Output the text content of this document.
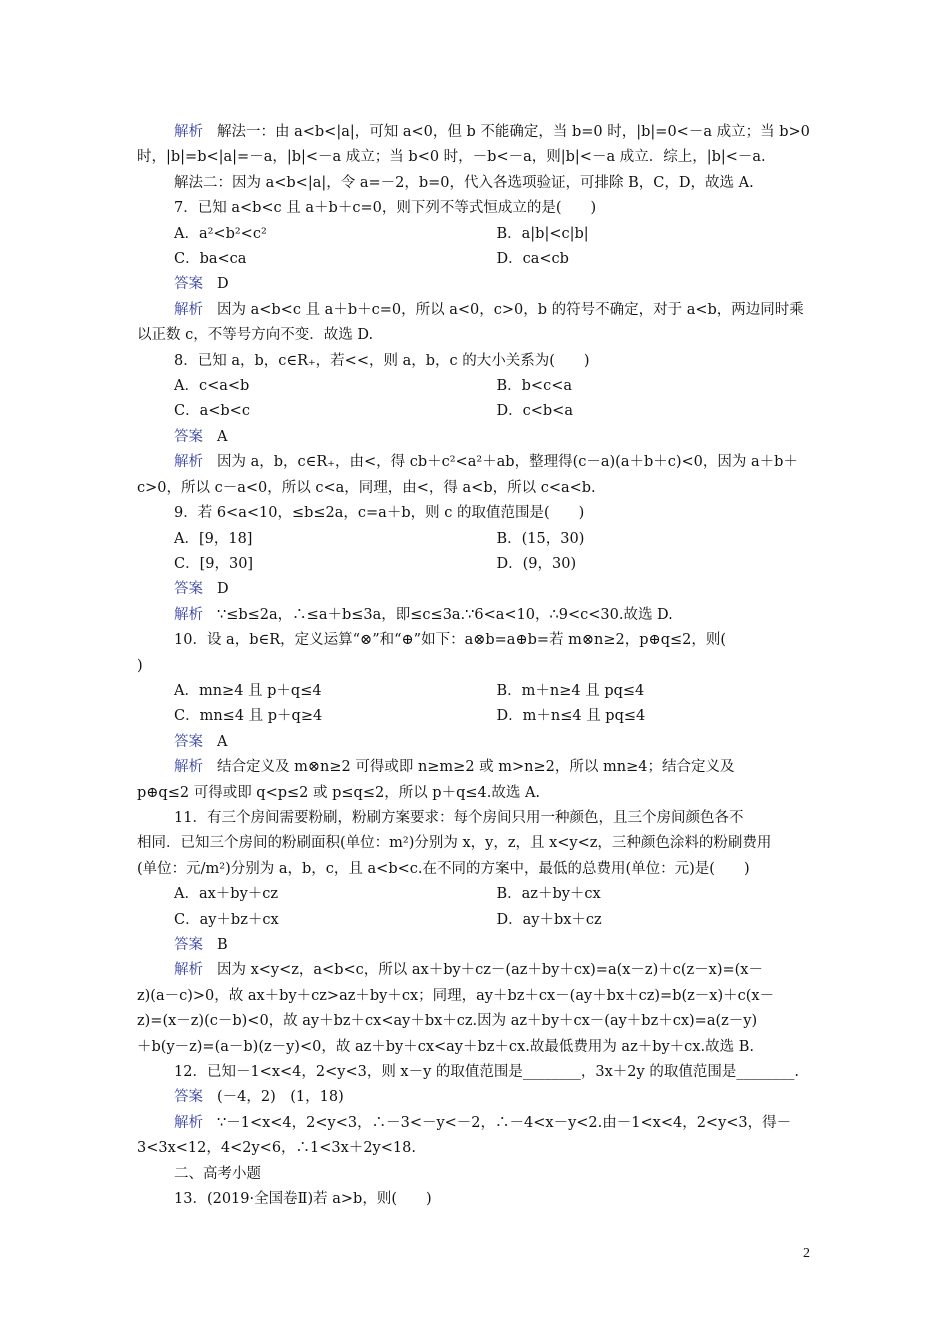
解析 解法一：由 a<b<|a|，可知 a<0，但 b 不能确定，当 b=0 时，|b|=0<－a 成立；当 b>0
时，|b|=b<|a|=－a，|b|<－a 成立；当 b<0 时，－b<－a，则|b|<－a 成立．综上，|b|<－a.
解法二：因为 a<b<|a|，令 a=－2，b=0，代入各选项验证，可排除 B，C，D，故选 A.
7．已知 a<b<c 且 a＋b＋c=0，则下列不等式恒成立的是(　　)
A．a²<b²<c²	B．a|b|<c|b|
C．ba<ca	D．ca<cb
答案 D
解析 因为 a<b<c 且 a＋b＋c=0，所以 a<0，c>0，b 的符号不确定，对于 a<b，两边同时乘
以正数 c，不等号方向不变．故选 D.
8．已知 a，b，c∈R₊，若<<，则 a，b，c 的大小关系为(　　)
A．c<a<b	B．b<c<a
C．a<b<c	D．c<b<a
答案 A
解析 因为 a，b，c∈R₊，由<，得 cb＋c²<a²＋ab，整理得(c－a)(a＋b＋c)<0，因为 a＋b＋
c>0，所以 c－a<0，所以 c<a，同理，由<，得 a<b，所以 c<a<b.
9．若 6<a<10，≤b≤2a，c=a＋b，则 c 的取值范围是(　　)
A．[9，18]	B．(15，30)
C．[9，30]	D．(9，30)
答案 D
解析 ∵≤b≤2a，∴≤a＋b≤3a，即≤c≤3a.∵6<a<10，∴9<c<30.故选 D.
10．设 a，b∈R，定义运算“⊗”和“⊕”如下：a⊗b=a⊕b=若 m⊗n≥2，p⊕q≤2，则(
)
A．mn≥4 且 p＋q≤4	B．m＋n≥4 且 pq≤4
C．mn≤4 且 p＋q≥4	D．m＋n≤4 且 pq≤4
答案 A
解析 结合定义及 m⊗n≥2 可得或即 n≥m≥2 或 m>n≥2，所以 mn≥4；结合定义及
p⊕q≤2 可得或即 q<p≤2 或 p≤q≤2，所以 p＋q≤4.故选 A.
11．有三个房间需要粉刷，粉刷方案要求：每个房间只用一种颜色，且三个房间颜色各不
相同．已知三个房间的粉刷面积(单位：m²)分别为 x，y，z，且 x<y<z，三种颜色涂料的粉刷费用
(单位：元/m²)分别为 a，b，c，且 a<b<c.在不同的方案中，最低的总费用(单位：元)是(　　)
A．ax＋by＋cz	B．az＋by＋cx
C．ay＋bz＋cx	D．ay＋bx＋cz
答案 B
解析 因为 x<y<z，a<b<c，所以 ax＋by＋cz－(az＋by＋cx)=a(x－z)＋c(z－x)=(x－
z)(a－c)>0，故 ax＋by＋cz>az＋by＋cx；同理，ay＋bz＋cx－(ay＋bx＋cz)=b(z－x)＋c(x－
z)=(x－z)(c－b)<0，故 ay＋bz＋cx<ay＋bx＋cz.因为 az＋by＋cx－(ay＋bz＋cx)=a(z－y)
＋b(y－z)=(a－b)(z－y)<0，故 az＋by＋cx<ay＋bz＋cx.故最低费用为 az＋by＋cx.故选 B.
12．已知－1<x<4，2<y<3，则 x－y 的取值范围是________，3x＋2y 的取值范围是________.
答案 (－4，2)　(1，18)
解析 ∵－1<x<4，2<y<3，∴－3<－y<－2，∴－4<x－y<2.由－1<x<4，2<y<3，得－
3<3x<12，4<2y<6，∴1<3x＋2y<18.
二、高考小题
13．(2019·全国卷Ⅱ)若 a>b，则(　　)
2
